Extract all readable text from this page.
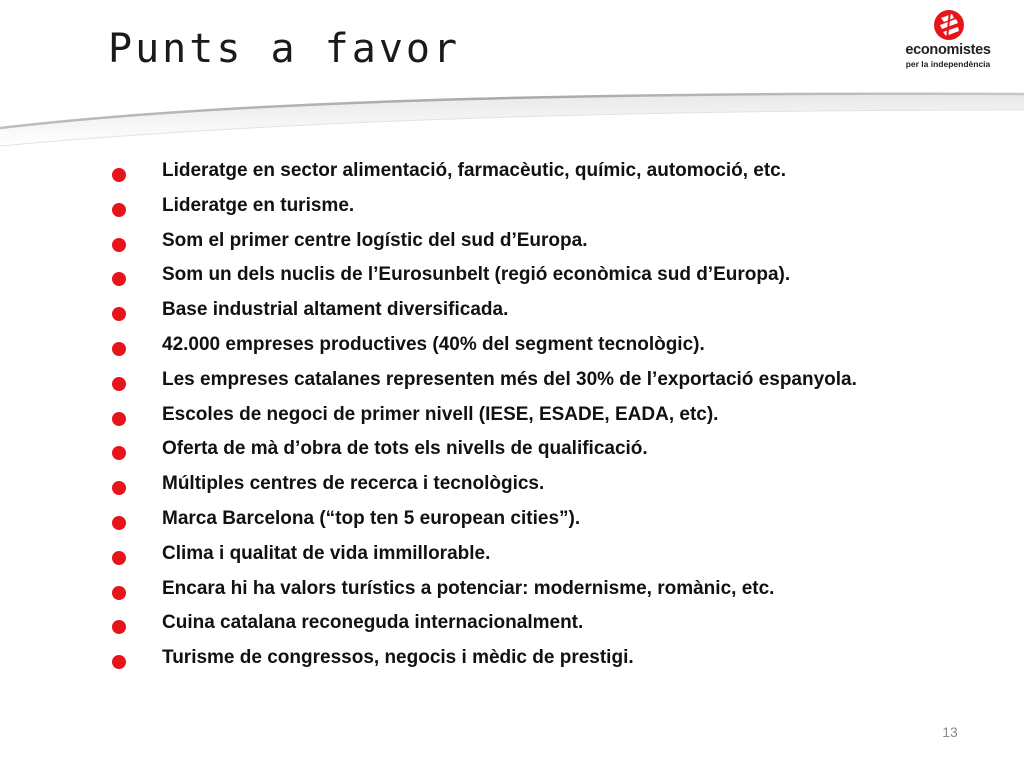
Punts a favor	economistes
per la independència
Lideratge en sector alimentació, farmacèutic, químic, automoció, etc.
Lideratge en turisme.
Som el primer centre logístic del sud d’Europa.
Som un dels nuclis de l’Eurosunbelt (regió econòmica sud d’Europa).
Base industrial altament diversificada.
42.000 empreses productives (40% del segment tecnològic).
Les empreses catalanes representen més del 30% de l’exportació espanyola.
Escoles de negoci de primer nivell (IESE, ESADE, EADA, etc).
Oferta de mà d’obra de tots els nivells de qualificació.
Múltiples centres de recerca i tecnològics.
Marca Barcelona (“top ten 5 european cities”).
Clima i qualitat de vida immillorable.
Encara hi ha valors turístics a potenciar: modernisme, romànic, etc.
Cuina catalana reconeguda internacionalment.
Turisme de congressos, negocis i mèdic de prestigi.
13
